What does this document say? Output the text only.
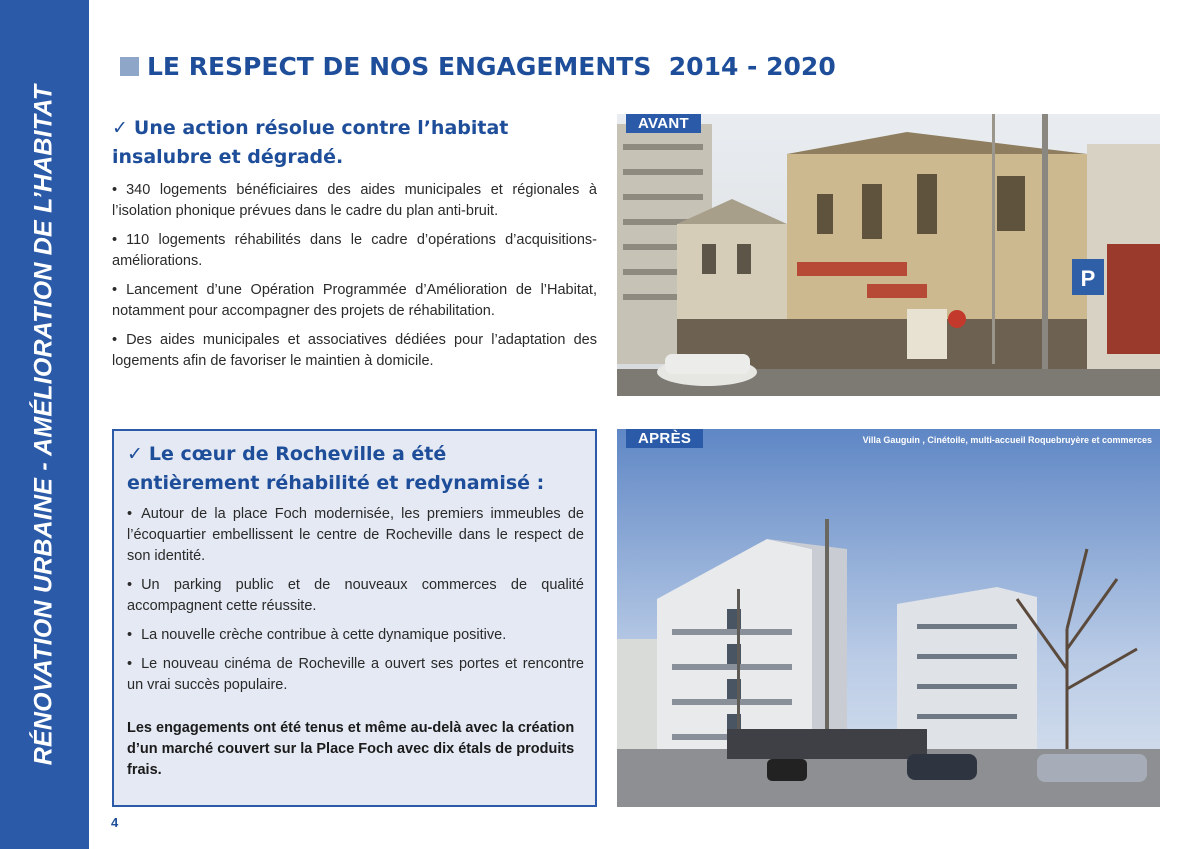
RÉNOVATION URBAINE - AMÉLIORATION DE L’HABITAT
LE RESPECT DE NOS ENGAGEMENTS  2014 - 2020
✓ Une action résolue contre l’habitat insalubre et dégradé.
• 340 logements bénéficiaires des aides municipales et régionales à l’isolation phonique prévues dans le cadre du plan anti-bruit.
• 110 logements réhabilités dans le cadre d’opérations d’acquisitions-améliorations.
• Lancement d’une Opération Programmée d’Amélioration de l’Habitat, notamment pour accompagner des projets de réhabilitation.
• Des aides municipales et associatives dédiées pour l’adaptation des logements afin de favoriser le maintien à domicile.
✓ Le cœur de Rocheville a été entièrement réhabilité et redynamisé :
• Autour de la place Foch modernisée, les premiers immeubles de l’écoquartier embellissent le centre de Rocheville dans le respect de son identité.
• Un parking public et de nouveaux commerces de qualité accompagnent cette réussite.
• La nouvelle crèche contribue à cette dynamique positive.
• Le nouveau cinéma de Rocheville a ouvert ses portes et rencontre un vrai succès populaire.

Les engagements ont été tenus et même au-delà avec la création d’un marché couvert sur la Place Foch avec dix étals de produits frais.

P
AVANT
APRÈS	Villa Gauguin , Cinétoile, multi-accueil Roquebruyère et commerces
4
